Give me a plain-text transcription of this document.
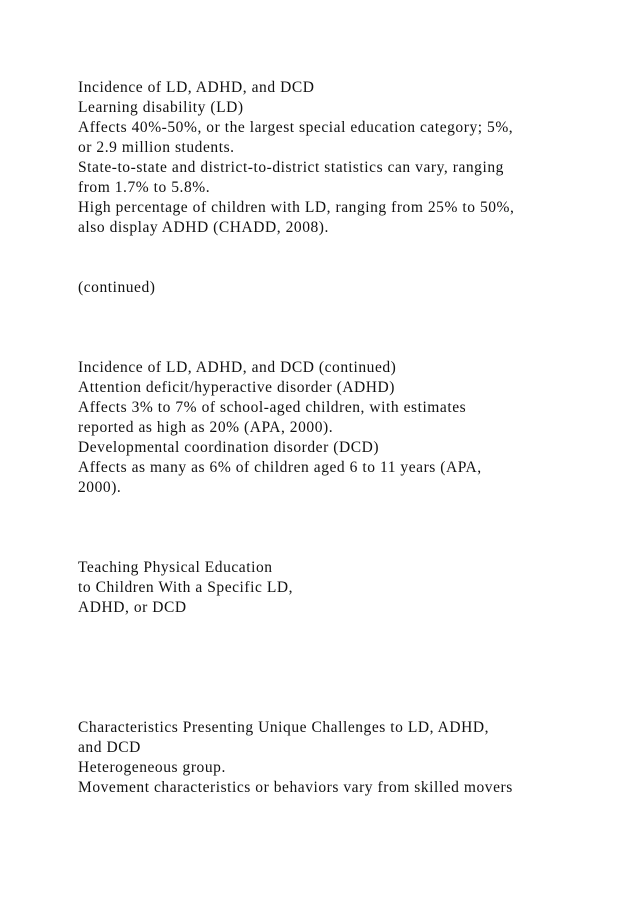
Incidence of LD, ADHD, and DCD

Learning disability (LD)

Affects 40%-50%, or the largest special education category; 5%,

or 2.9 million students.

State-to-state and district-to-district statistics can vary, ranging

from 1.7% to 5.8%.

High percentage of children with LD, ranging from 25% to 50%,

also display ADHD (CHADD, 2008).

(continued)

Incidence of LD, ADHD, and DCD (continued)

Attention deficit/hyperactive disorder (ADHD)

Affects 3% to 7% of school-aged children, with estimates

reported as high as 20% (APA, 2000).

Developmental coordination disorder (DCD)

Affects as many as 6% of children aged 6 to 11 years (APA,

2000).

Teaching Physical Education

to Children With a Specific LD,

ADHD, or DCD

Characteristics Presenting Unique Challenges to LD, ADHD,

and DCD

Heterogeneous group.

Movement characteristics or behaviors vary from skilled movers
